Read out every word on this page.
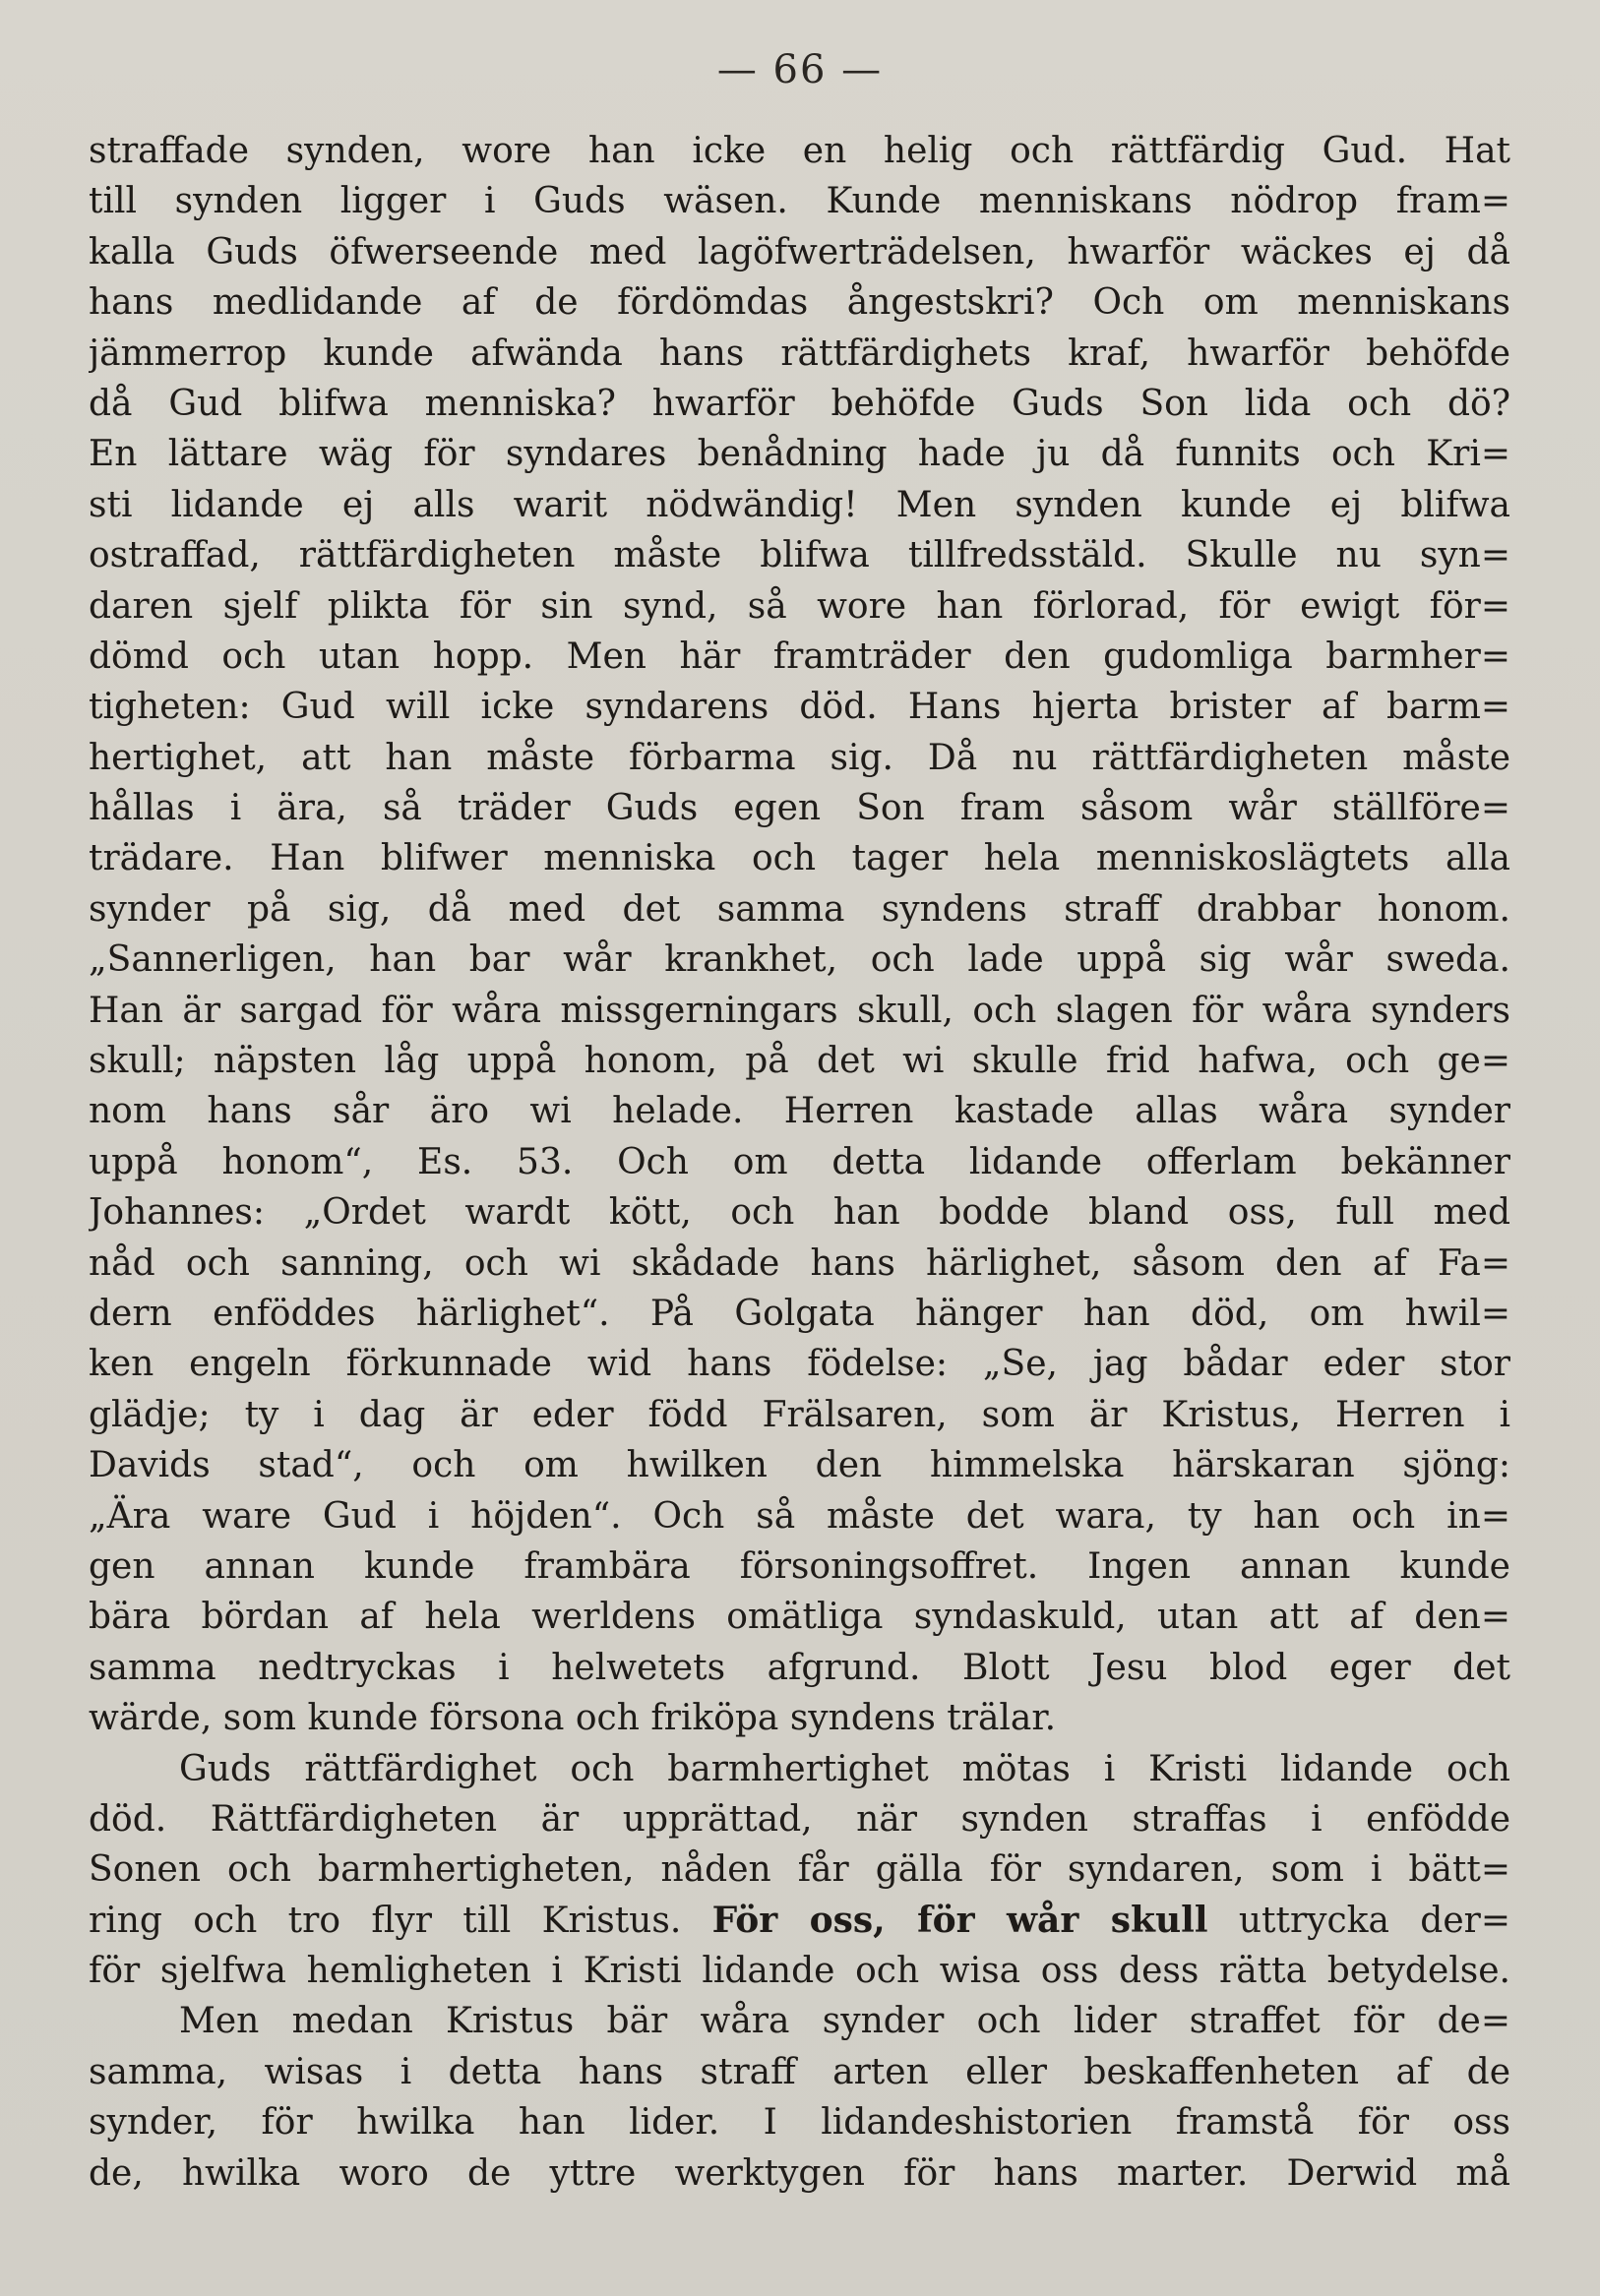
— 66 —
straffade synden, wore han icke en helig och rättfärdig Gud. Hat
till synden ligger i Guds wäsen. Kunde menniskans nödrop fram=
kalla Guds öfwerseende med lagöfwerträdelsen, hwarför wäckes ej då
hans medlidande af de fördömdas ångestskri? Och om menniskans
jämmerrop kunde afwända hans rättfärdighets kraf, hwarför behöfde
då Gud blifwa menniska? hwarför behöfde Guds Son lida och dö?
En lättare wäg för syndares benådning hade ju då funnits och Kri=
sti lidande ej alls warit nödwändig! Men synden kunde ej blifwa
ostraffad, rättfärdigheten måste blifwa tillfredsstäld. Skulle nu syn=
daren sjelf plikta för sin synd, så wore han förlorad, för ewigt för=
dömd och utan hopp. Men här framträder den gudomliga barmher=
tigheten: Gud will icke syndarens död. Hans hjerta brister af barm=
hertighet, att han måste förbarma sig. Då nu rättfärdigheten måste
hållas i ära, så träder Guds egen Son fram såsom wår ställföre=
trädare. Han blifwer menniska och tager hela menniskoslägtets alla
synder på sig, då med det samma syndens straff drabbar honom.
„Sannerligen, han bar wår krankhet, och lade uppå sig wår sweda.
Han är sargad för wåra missgerningars skull, och slagen för wåra synders
skull; näpsten låg uppå honom, på det wi skulle frid hafwa, och ge=
nom hans sår äro wi helade. Herren kastade allas wåra synder
uppå honom“, Es. 53. Och om detta lidande offerlam bekänner
Johannes: „Ordet wardt kött, och han bodde bland oss, full med
nåd och sanning, och wi skådade hans härlighet, såsom den af Fa=
dern enföddes härlighet“. På Golgata hänger han död, om hwil=
ken engeln förkunnade wid hans födelse: „Se, jag bådar eder stor
glädje; ty i dag är eder född Frälsaren, som är Kristus, Herren i
Davids stad“, och om hwilken den himmelska härskaran sjöng:
„Ära ware Gud i höjden“. Och så måste det wara, ty han och in=
gen annan kunde frambära försoningsoffret. Ingen annan kunde
bära bördan af hela werldens omätliga syndaskuld, utan att af den=
samma nedtryckas i helwetets afgrund. Blott Jesu blod eger det
wärde, som kunde försona och friköpa syndens trälar.
Guds rättfärdighet och barmhertighet mötas i Kristi lidande och
död. Rättfärdigheten är upprättad, när synden straffas i enfödde
Sonen och barmhertigheten, nåden får gälla för syndaren, som i bätt=
ring och tro flyr till Kristus. För oss, för wår skull uttrycka der=
för sjelfwa hemligheten i Kristi lidande och wisa oss dess rätta betydelse.
Men medan Kristus bär wåra synder och lider straffet för de=
samma, wisas i detta hans straff arten eller beskaffenheten af de
synder, för hwilka han lider. I lidandeshistorien framstå för oss
de, hwilka woro de yttre werktygen för hans marter. Derwid må
